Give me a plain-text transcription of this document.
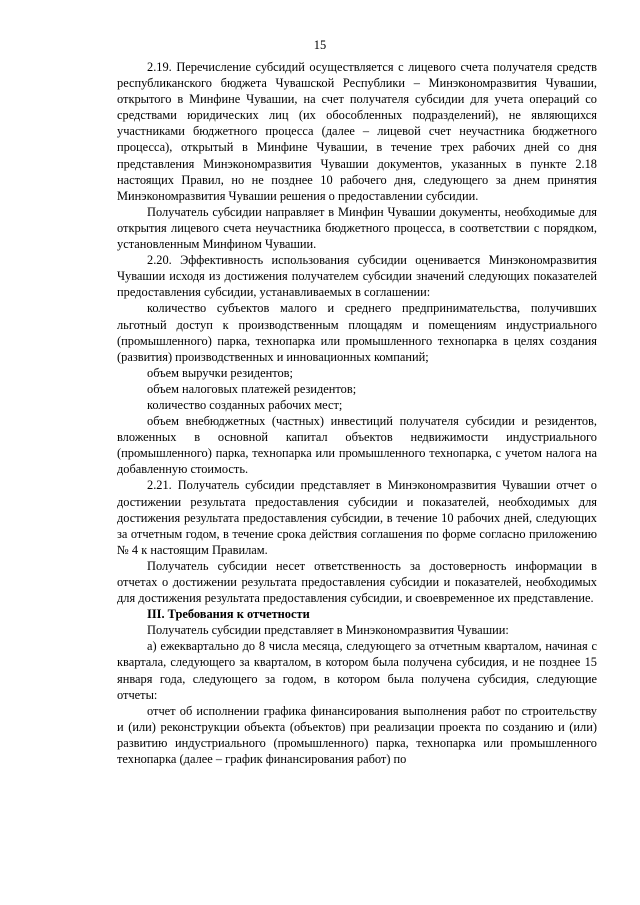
15

2.19. Перечисление субсидий осуществляется с лицевого счета получателя средств республиканского бюджета Чувашской Республики – Минэкономразвития Чувашии, открытого в Минфине Чувашии, на счет получателя субсидии для учета операций со средствами юридических лиц (их обособленных подразделений), не являющихся участниками бюджетного процесса (далее – лицевой счет неучастника бюджетного процесса), открытый в Минфине Чувашии, в течение трех рабочих дней со дня представления Минэкономразвития Чувашии документов, указанных в пункте 2.18 настоящих Правил, но не позднее 10 рабочего дня, следующего за днем принятия Минэкономразвития Чувашии решения о предоставлении субсидии.

Получатель субсидии направляет в Минфин Чувашии документы, необходимые для открытия лицевого счета неучастника бюджетного процесса, в соответствии с порядком, установленным Минфином Чувашии.

2.20. Эффективность использования субсидии оценивается Минэкономразвития Чувашии исходя из достижения получателем субсидии значений следующих показателей предоставления субсидии, устанавливаемых в соглашении:

количество субъектов малого и среднего предпринимательства, получивших льготный доступ к производственным площадям и помещениям индустриального (промышленного) парка, технопарка или промышленного технопарка в целях создания (развития) производственных и инновационных компаний;

объем выручки резидентов;

объем налоговых платежей резидентов;

количество созданных рабочих мест;

объем внебюджетных (частных) инвестиций получателя субсидии и резидентов, вложенных в основной капитал объектов недвижимости индустриального (промышленного) парка, технопарка или промышленного технопарка, с учетом налога на добавленную стоимость.

2.21. Получатель субсидии представляет в Минэкономразвития Чувашии отчет о достижении результата предоставления субсидии и показателей, необходимых для достижения результата предоставления субсидии, в течение 10 рабочих дней, следующих за отчетным годом, в течение срока действия соглашения по форме согласно приложению № 4 к настоящим Правилам.

Получатель субсидии несет ответственность за достоверность информации в отчетах о достижении результата предоставления субсидии и показателей, необходимых для достижения результата предоставления субсидии, и своевременное их представление.

III. Требования к отчетности

Получатель субсидии представляет в Минэкономразвития Чувашии:

а) ежеквартально до 8 числа месяца, следующего за отчетным кварталом, начиная с квартала, следующего за кварталом, в котором была получена субсидия, и не позднее 15 января года, следующего за годом, в котором была получена субсидия, следующие отчеты:

отчет об исполнении графика финансирования выполнения работ по строительству и (или) реконструкции объекта (объектов) при реализации проекта по созданию и (или) развитию индустриального (промышленного) парка, технопарка или промышленного технопарка (далее – график финансирования работ) по
